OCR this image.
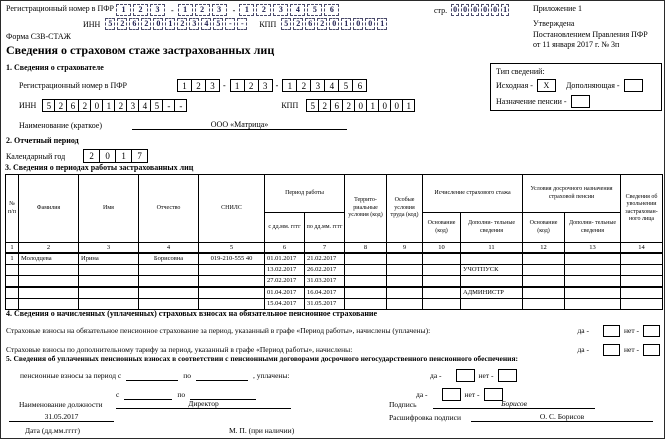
Регистрационный номер в ПФР 1	2	3	-	1	2	3	-	1	2	3	4	5	6	стр. 0 0 0 0 0 1
ИНН	5	2	6	2	0	1	2	3	4	5	-	-	КПП	5	2	6	2	0	1	0	0	1
Форма СЗВ-СТАЖ
Сведения о страховом стаже застрахованных лиц
Приложение 1
Утверждена
Постановлением Правления ПФР
от 11 января 2017 г. № 3п
1. Сведения о страхователе
Регистрационный номер в ПФР	1	2	3	-	1	2	3	-	1	2	3	4	5	6
ИНН	5 2 6 2 0 1 2 3 4 5 -	-	КПП	5 2 6 2 0 1 0 0 1
Наименование (краткое)	ООО «Матрица»
Тип сведений:
Исходная -	X	Дополняющая -
Назначение пенсии -
2. Отчетный период
Календарный год	2	0	1	7
3. Сведения о периодах работы застрахованных лиц
№ п/п	Фамилия	Имя	Отчество	СНИЛС	Период работы		Террито- риальные условия (код)	Особые условия труда (код)	Исчисление страхового стажа		Условия досрочного назначения страховой пенсии		Сведения об увольнении застрахован- ного лица
					с дд.мм. гггг	по дд.мм. гггг			Основание (код)	Дополни- тельные сведения	Основание (код)	Дополни- тельные сведения	
1	2	3	4	5	6	7	8	9	10	11	12	13	14
1	Молодцева	Ирина	Борисовна	019-210-555 40	01.01.2017	21.02.2017							
					13.02.2017	26.02.2017				УЧОТПУСК			
					27.02.2017	31.03.2017							
					01.04.2017	16.04.2017				АДМИНИСТР			
					15.04.2017	31.05.2017							
4. Сведения о начисленных (уплаченных) страховых взносах на обязательное пенсионное страхование
Страховые взносы на обязательное пенсионное страхование за период, указанный в графе «Период работы», начислены (уплачены):	да -	нет -
Страховые взносы по дополнительному тарифу за период, указанный в графе «Период работы», начислены:	да -	нет -
5. Сведения об уплаченных пенсионных взносах в соответствии с пенсионными договорами досрочного негосударственного пенсионного обеспечения:
пенсионные взносы за период с	по	, уплачены:	да -	нет -
с	по	да -	нет -
Наименование должности	Директор	Подпись	Борисов
31.05.2017	Расшифровка подписи	О. С. Борисов
Дата (дд.мм.гггг)	М. П. (при наличии)
